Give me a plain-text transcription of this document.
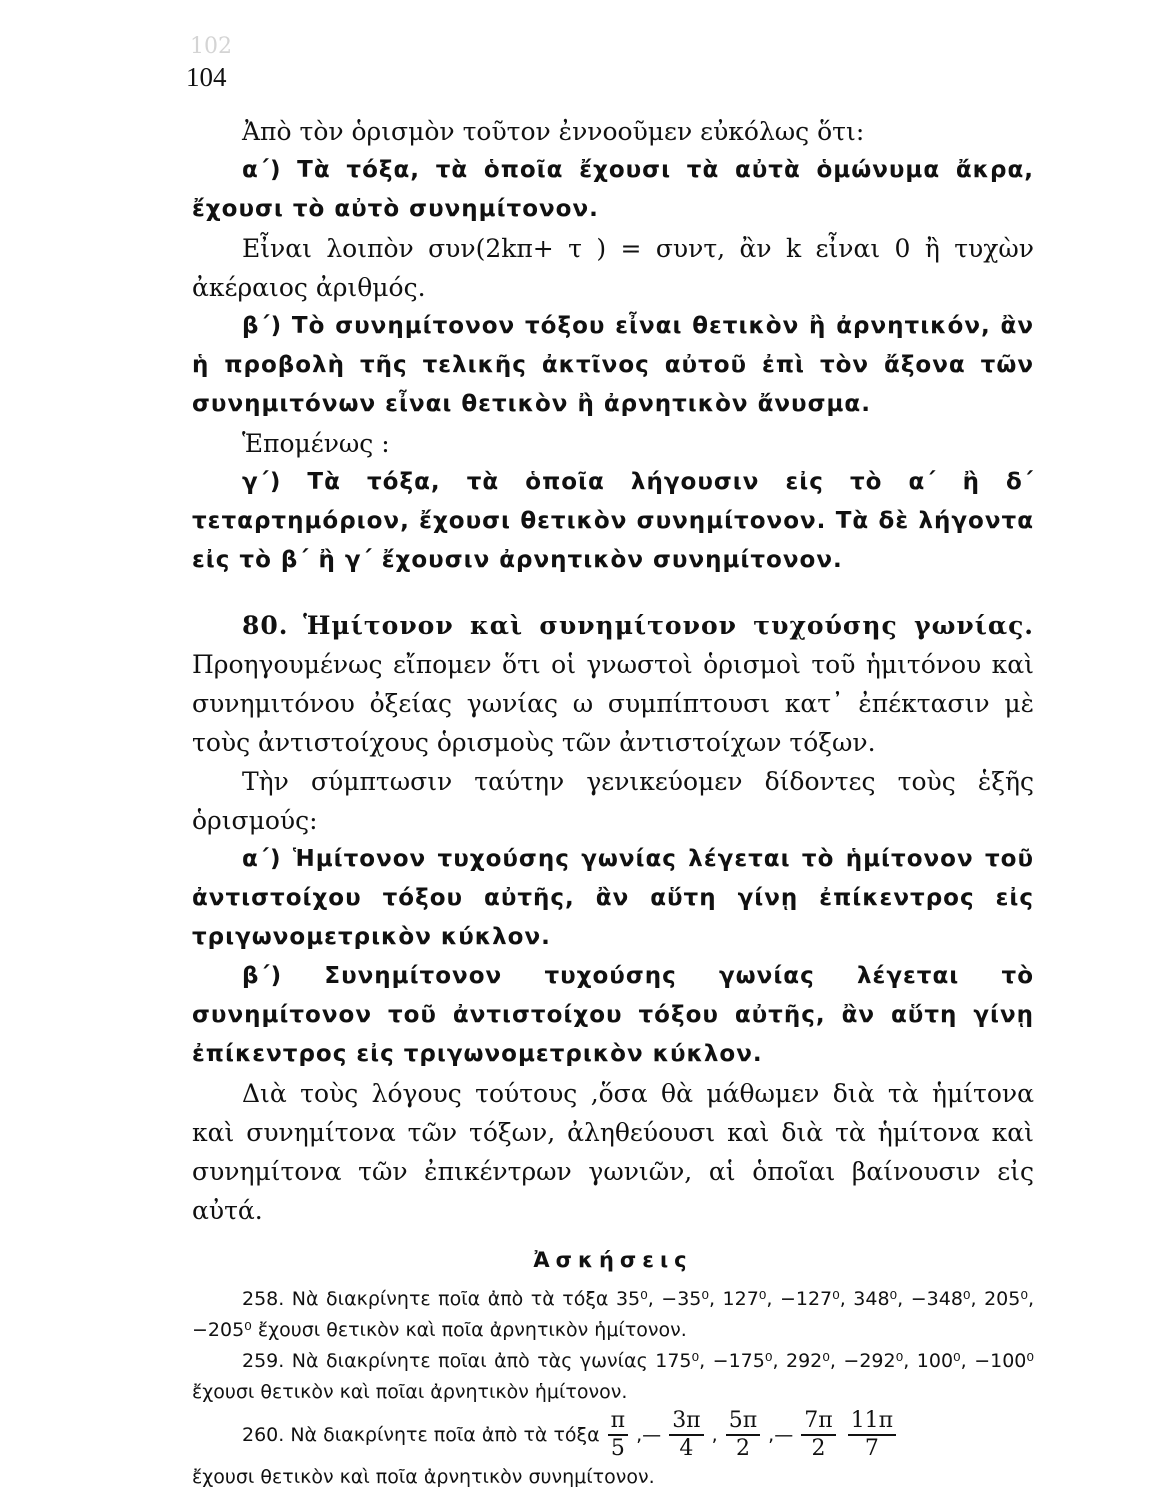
102
104

Ἀπὸ τὸν ὁρισμὸν τοῦτον ἐννοοῦμεν εὐκόλως ὅτι:

α΄) Τὰ τόξα, τὰ ὁποῖα ἔχουσι τὰ αὐτὰ ὁμώνυμα ἄκρα, ἔχουσι τὸ αὐτὸ συνημίτονον.

Εἶναι λοιπὸν συν(2kπ+ τ ) = συντ, ἂν k εἶναι 0 ἢ τυχὼν ἀκέραιος ἀριθμός.

β΄) Τὸ συνημίτονον τόξου εἶναι θετικὸν ἢ ἀρνητικόν, ἂν ἡ προβολὴ τῆς τελικῆς ἀκτῖνος αὐτοῦ ἐπὶ τὸν ἄξονα τῶν συνημιτόνων εἶναι θετικὸν ἢ ἀρνητικὸν ἄνυσμα.

Ἑπομένως :

γ΄) Τὰ τόξα, τὰ ὁποῖα λήγουσιν εἰς τὸ α΄ ἢ δ΄ τεταρτημόριον, ἔχουσι θετικὸν συνημίτονον. Τὰ δὲ λήγοντα εἰς τὸ β΄ ἢ γ΄ ἔχουσιν ἀρνητικὸν συνημίτονον.

80. Ἡμίτονον καὶ συνημίτονον τυχούσης γωνίας. Προηγουμένως εἴπομεν ὅτι οἱ γνωστοὶ ὁρισμοὶ τοῦ ἡμιτόνου καὶ συνημιτόνου ὀξείας γωνίας ω συμπίπτουσι κατ᾽ ἐπέκτασιν μὲ τοὺς ἀντιστοίχους ὁρισμοὺς τῶν ἀντιστοίχων τόξων.

Τὴν σύμπτωσιν ταύτην γενικεύομεν δίδοντες τοὺς ἑξῆς ὁρισμούς:

α΄) Ἡμίτονον τυχούσης γωνίας λέγεται τὸ ἡμίτονον τοῦ ἀντιστοίχου τόξου αὐτῆς, ἂν αὕτη γίνῃ ἐπίκεντρος εἰς τριγωνομετρικὸν κύκλον.

β΄) Συνημίτονον τυχούσης γωνίας λέγεται τὸ συνημίτονον τοῦ ἀντιστοίχου τόξου αὐτῆς, ἂν αὕτη γίνῃ ἐπίκεντρος εἰς τριγωνομετρικὸν κύκλον.

Διὰ τοὺς λόγους τούτους ,ὅσα θὰ μάθωμεν διὰ τὰ ἡμίτονα καὶ συνημίτονα τῶν τόξων, ἀληθεύουσι καὶ διὰ τὰ ἡμίτονα καὶ συνημίτονα τῶν ἐπικέντρων γωνιῶν, αἱ ὁποῖαι βαίνουσιν εἰς αὐτά.

Ἀσκήσεις

258. Νὰ διακρίνητε ποῖα ἀπὸ τὰ τόξα 35⁰, −35⁰, 127⁰, −127⁰, 348⁰, −348⁰, 205⁰, −205⁰ ἔχουσι θετικὸν καὶ ποῖα ἀρνητικὸν ἡμίτονον.

259. Νὰ διακρίνητε ποῖαι ἀπὸ τὰς γωνίας 175⁰, −175⁰, 292⁰, −292⁰, 100⁰, −100⁰ ἔχουσι θετικὸν καὶ ποῖαι ἀρνητικὸν ἡμίτονον.

260. Νὰ διακρίνητε ποῖα ἀπὸ τὰ τόξα $\frac{\pi}{5}$ ,— $\frac{3\pi}{4}$ , $\frac{5\pi}{2}$ ,— $\frac{7\pi}{2} \frac{11\pi}{7}$

ἔχουσι θετικὸν καὶ ποῖα ἀρνητικὸν συνημίτονον.
